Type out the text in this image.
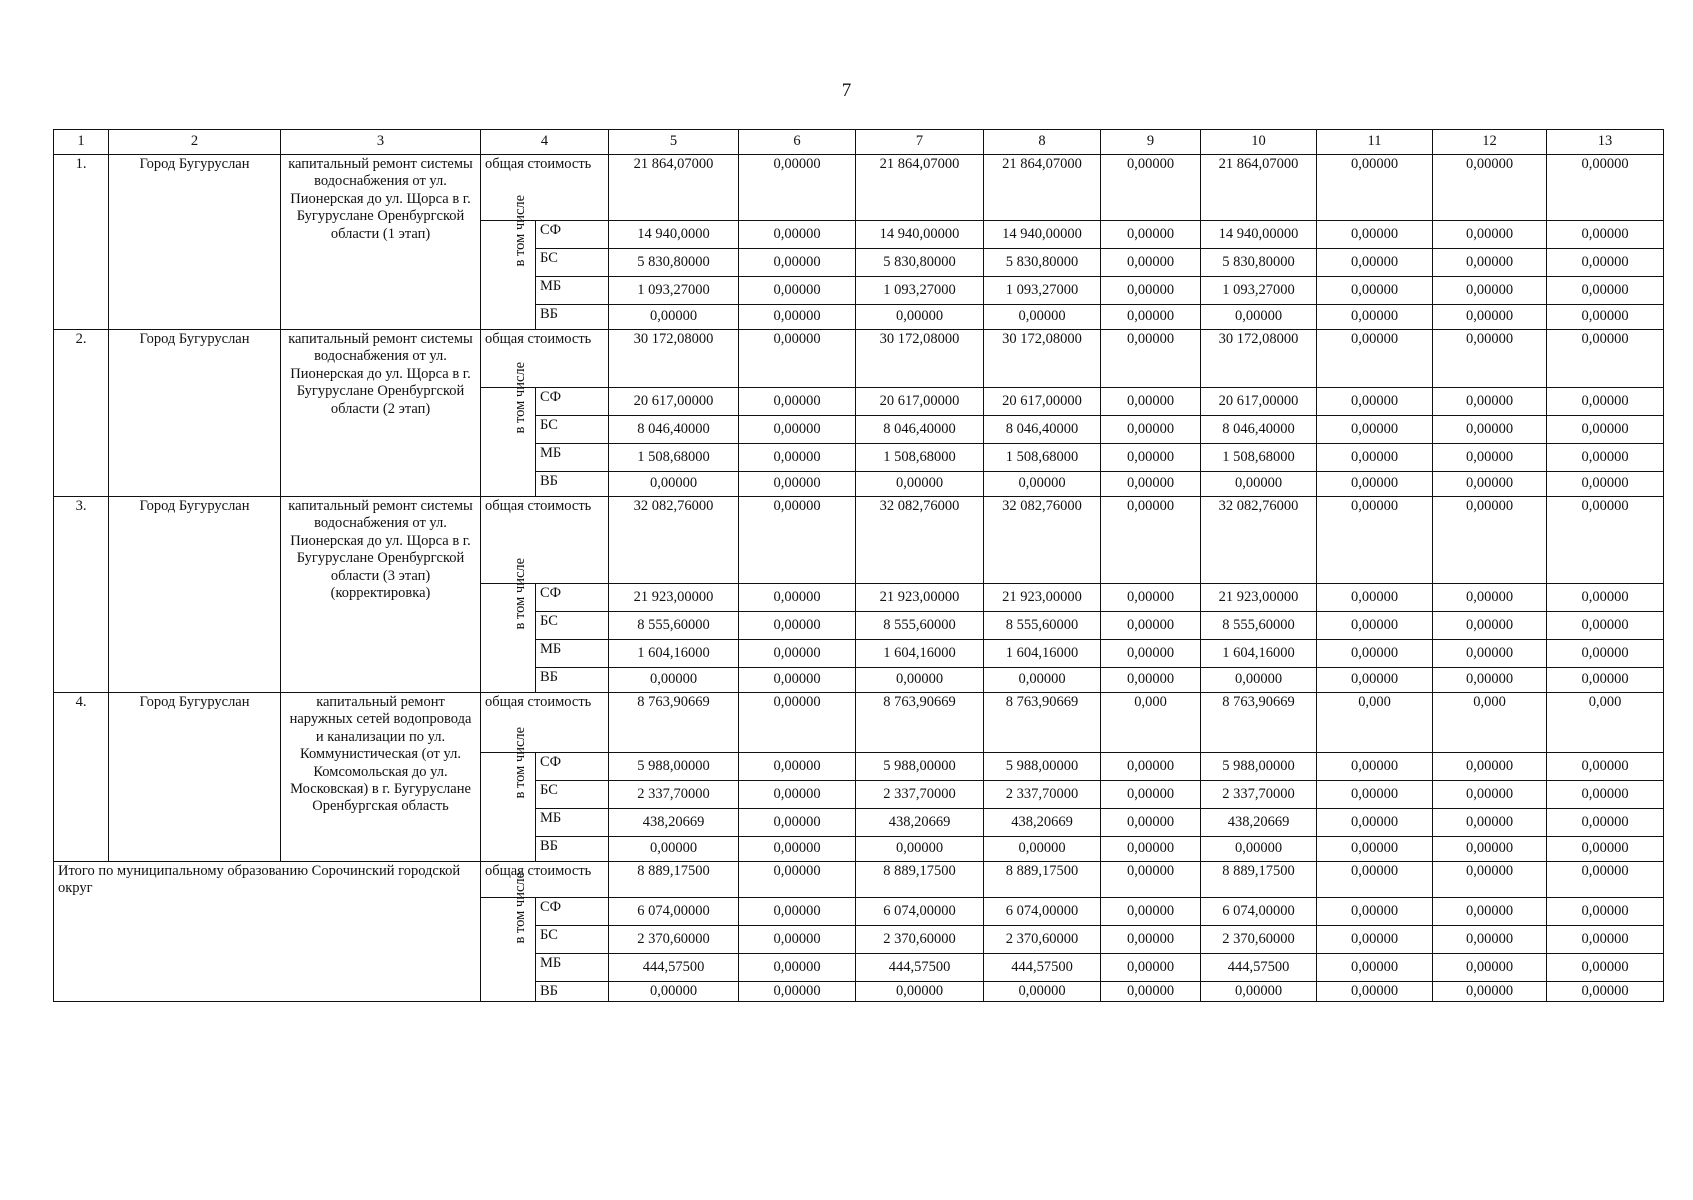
7
1	2	3	4		5	6	7	8	9	10	11	12	13
1.	Город Бугуруслан	капитальный ремонт системы водоснабжения от ул. Пионерская до ул. Щорса в г. Бугуруслане Оренбургской области (1 этап)	общая стоимость		21 864,07000	0,00000	21 864,07000	21 864,07000	0,00000	21 864,07000	0,00000	0,00000	0,00000
			в том числе	СФ	14 940,0000	0,00000	14 940,00000	14 940,00000	0,00000	14 940,00000	0,00000	0,00000	0,00000
				БС	5 830,80000	0,00000	5 830,80000	5 830,80000	0,00000	5 830,80000	0,00000	0,00000	0,00000
				МБ	1 093,27000	0,00000	1 093,27000	1 093,27000	0,00000	1 093,27000	0,00000	0,00000	0,00000
				ВБ	0,00000	0,00000	0,00000	0,00000	0,00000	0,00000	0,00000	0,00000	0,00000
2.	Город Бугуруслан	капитальный ремонт системы водоснабжения от ул. Пионерская до ул. Щорса в г. Бугуруслане Оренбургской области (2 этап)	общая стоимость		30 172,08000	0,00000	30 172,08000	30 172,08000	0,00000	30 172,08000	0,00000	0,00000	0,00000
			в том числе	СФ	20 617,00000	0,00000	20 617,00000	20 617,00000	0,00000	20 617,00000	0,00000	0,00000	0,00000
				БС	8 046,40000	0,00000	8 046,40000	8 046,40000	0,00000	8 046,40000	0,00000	0,00000	0,00000
				МБ	1 508,68000	0,00000	1 508,68000	1 508,68000	0,00000	1 508,68000	0,00000	0,00000	0,00000
				ВБ	0,00000	0,00000	0,00000	0,00000	0,00000	0,00000	0,00000	0,00000	0,00000
3.	Город Бугуруслан	капитальный ремонт системы водоснабжения от ул. Пионерская до ул. Щорса в г. Бугуруслане Оренбургской области (3 этап) (корректировка)	общая стоимость		32 082,76000	0,00000	32 082,76000	32 082,76000	0,00000	32 082,76000	0,00000	0,00000	0,00000
			в том числе	СФ	21 923,00000	0,00000	21 923,00000	21 923,00000	0,00000	21 923,00000	0,00000	0,00000	0,00000
				БС	8 555,60000	0,00000	8 555,60000	8 555,60000	0,00000	8 555,60000	0,00000	0,00000	0,00000
				МБ	1 604,16000	0,00000	1 604,16000	1 604,16000	0,00000	1 604,16000	0,00000	0,00000	0,00000
				ВБ	0,00000	0,00000	0,00000	0,00000	0,00000	0,00000	0,00000	0,00000	0,00000
4.	Город Бугуруслан	капитальный ремонт наружных сетей водопровода и канализации по ул. Коммунистическая (от ул. Комсомольская до ул. Московская) в г. Бугуруслане Оренбургская область	общая стоимость		8 763,90669	0,00000	8 763,90669	8 763,90669	0,000	8 763,90669	0,000	0,000	0,000
			в том числе	СФ	5 988,00000	0,00000	5 988,00000	5 988,00000	0,00000	5 988,00000	0,00000	0,00000	0,00000
				БС	2 337,70000	0,00000	2 337,70000	2 337,70000	0,00000	2 337,70000	0,00000	0,00000	0,00000
				МБ	438,20669	0,00000	438,20669	438,20669	0,00000	438,20669	0,00000	0,00000	0,00000
				ВБ	0,00000	0,00000	0,00000	0,00000	0,00000	0,00000	0,00000	0,00000	0,00000
Итого по муниципальному образованию Сорочинский городской округ			общая стоимость		8 889,17500	0,00000	8 889,17500	8 889,17500	0,00000	8 889,17500	0,00000	0,00000	0,00000
			в том числе	СФ	6 074,00000	0,00000	6 074,00000	6 074,00000	0,00000	6 074,00000	0,00000	0,00000	0,00000
				БС	2 370,60000	0,00000	2 370,60000	2 370,60000	0,00000	2 370,60000	0,00000	0,00000	0,00000
				МБ	444,57500	0,00000	444,57500	444,57500	0,00000	444,57500	0,00000	0,00000	0,00000
				ВБ	0,00000	0,00000	0,00000	0,00000	0,00000	0,00000	0,00000	0,00000	0,00000
